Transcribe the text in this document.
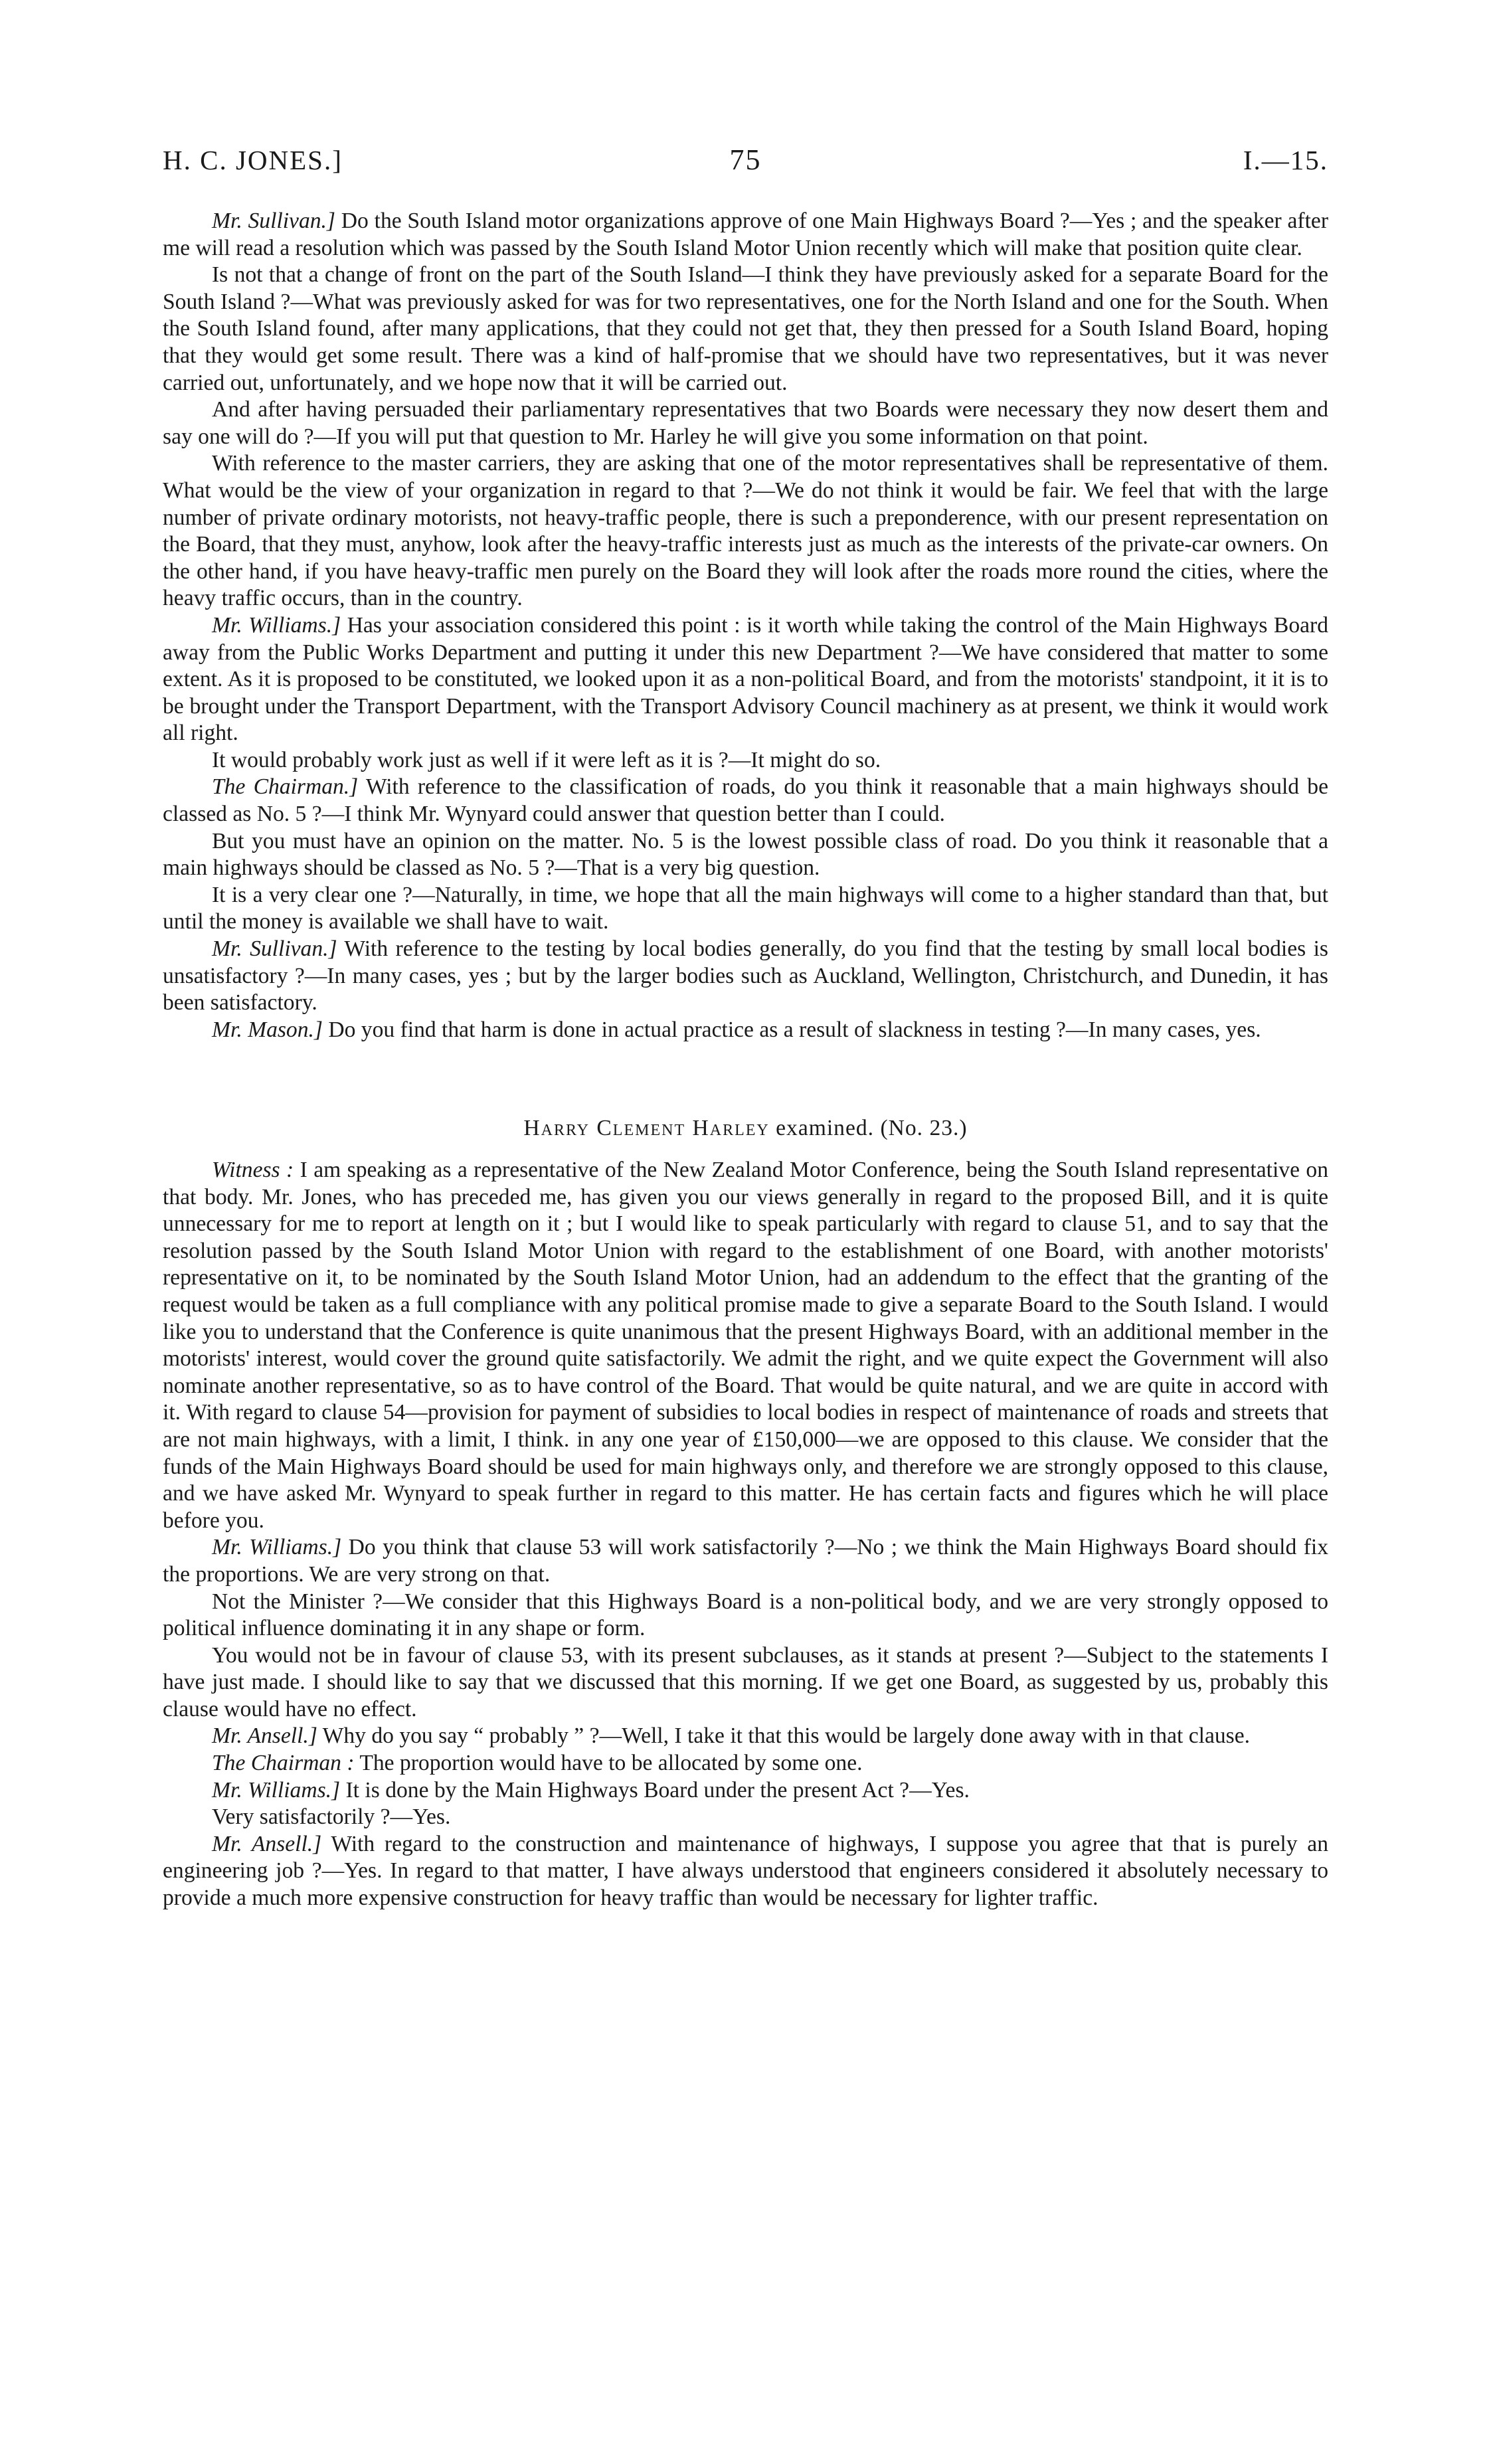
H. C. JONES.]	75	I.—15.

Mr. Sullivan.] Do the South Island motor organizations approve of one Main Highways Board ?—Yes ; and the speaker after me will read a resolution which was passed by the South Island Motor Union recently which will make that position quite clear.

Is not that a change of front on the part of the South Island—I think they have previously asked for a separate Board for the South Island ?—What was previously asked for was for two representatives, one for the North Island and one for the South. When the South Island found, after many applications, that they could not get that, they then pressed for a South Island Board, hoping that they would get some result. There was a kind of half-promise that we should have two representatives, but it was never carried out, unfortunately, and we hope now that it will be carried out.

And after having persuaded their parliamentary representatives that two Boards were necessary they now desert them and say one will do ?—If you will put that question to Mr. Harley he will give you some information on that point.

With reference to the master carriers, they are asking that one of the motor representatives shall be representative of them. What would be the view of your organization in regard to that ?—We do not think it would be fair. We feel that with the large number of private ordinary motorists, not heavy-traffic people, there is such a preponderence, with our present representation on the Board, that they must, anyhow, look after the heavy-traffic interests just as much as the interests of the private-car owners. On the other hand, if you have heavy-traffic men purely on the Board they will look after the roads more round the cities, where the heavy traffic occurs, than in the country.

Mr. Williams.] Has your association considered this point : is it worth while taking the control of the Main Highways Board away from the Public Works Department and putting it under this new Department ?—We have considered that matter to some extent. As it is proposed to be constituted, we looked upon it as a non-political Board, and from the motorists' standpoint, it it is to be brought under the Transport Department, with the Transport Advisory Council machinery as at present, we think it would work all right.

It would probably work just as well if it were left as it is ?—It might do so.

The Chairman.] With reference to the classification of roads, do you think it reasonable that a main highways should be classed as No. 5 ?—I think Mr. Wynyard could answer that question better than I could.

But you must have an opinion on the matter. No. 5 is the lowest possible class of road. Do you think it reasonable that a main highways should be classed as No. 5 ?—That is a very big question.

It is a very clear one ?—Naturally, in time, we hope that all the main highways will come to a higher standard than that, but until the money is available we shall have to wait.

Mr. Sullivan.] With reference to the testing by local bodies generally, do you find that the testing by small local bodies is unsatisfactory ?—In many cases, yes ; but by the larger bodies such as Auckland, Wellington, Christchurch, and Dunedin, it has been satisfactory.

Mr. Mason.] Do you find that harm is done in actual practice as a result of slackness in testing ?—In many cases, yes.

Harry Clement Harley examined. (No. 23.)

Witness : I am speaking as a representative of the New Zealand Motor Conference, being the South Island representative on that body. Mr. Jones, who has preceded me, has given you our views generally in regard to the proposed Bill, and it is quite unnecessary for me to report at length on it ; but I would like to speak particularly with regard to clause 51, and to say that the resolution passed by the South Island Motor Union with regard to the establishment of one Board, with another motorists' representative on it, to be nominated by the South Island Motor Union, had an addendum to the effect that the granting of the request would be taken as a full compliance with any political promise made to give a separate Board to the South Island. I would like you to understand that the Conference is quite unanimous that the present Highways Board, with an additional member in the motorists' interest, would cover the ground quite satisfactorily. We admit the right, and we quite expect the Government will also nominate another representative, so as to have control of the Board. That would be quite natural, and we are quite in accord with it. With regard to clause 54—provision for payment of subsidies to local bodies in respect of maintenance of roads and streets that are not main highways, with a limit, I think. in any one year of £150,000—we are opposed to this clause. We consider that the funds of the Main Highways Board should be used for main highways only, and therefore we are strongly opposed to this clause, and we have asked Mr. Wynyard to speak further in regard to this matter. He has certain facts and figures which he will place before you.

Mr. Williams.] Do you think that clause 53 will work satisfactorily ?—No ; we think the Main Highways Board should fix the proportions. We are very strong on that.

Not the Minister ?—We consider that this Highways Board is a non-political body, and we are very strongly opposed to political influence dominating it in any shape or form.

You would not be in favour of clause 53, with its present subclauses, as it stands at present ?—Subject to the statements I have just made. I should like to say that we discussed that this morning. If we get one Board, as suggested by us, probably this clause would have no effect.

Mr. Ansell.] Why do you say “ probably ” ?—Well, I take it that this would be largely done away with in that clause.

The Chairman : The proportion would have to be allocated by some one.

Mr. Williams.] It is done by the Main Highways Board under the present Act ?—Yes.

Very satisfactorily ?—Yes.

Mr. Ansell.] With regard to the construction and maintenance of highways, I suppose you agree that that is purely an engineering job ?—Yes. In regard to that matter, I have always understood that engineers considered it absolutely necessary to provide a much more expensive construction for heavy traffic than would be necessary for lighter traffic.
